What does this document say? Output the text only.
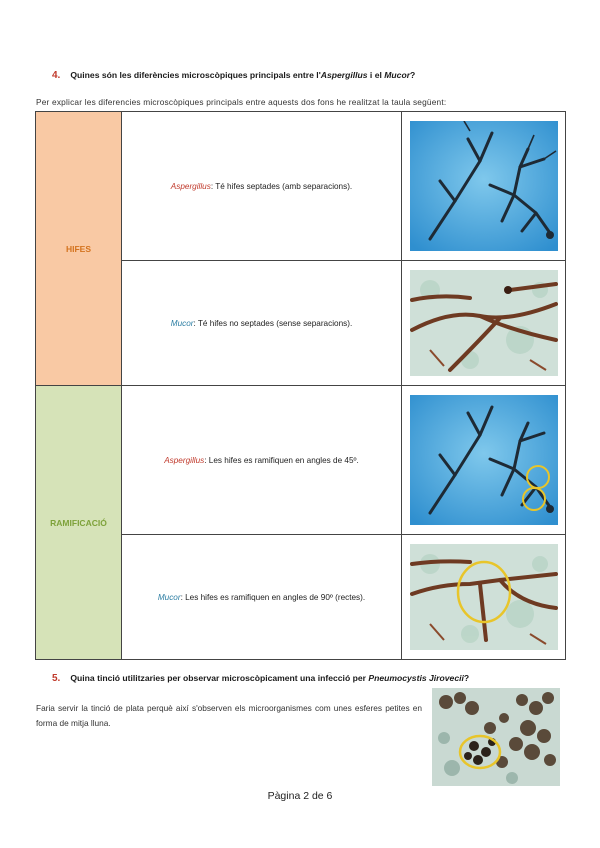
4. Quines són les diferències microscòpiques principals entre l'Aspergillus i el Mucor?
Per explicar les diferencies microscòpiques principals entre aquests dos fons he realitzat la taula següent:
HIFES	Aspergillus: Té hifes septades (amb separacions).	

	Mucor: Té hifes no septades (sense separacions).	

RAMIFICACIÓ	Aspergillus: Les hifes es ramifiquen en angles de 45º.	

	Mucor: Les hifes es ramifiquen en angles de 90º (rectes).	
5. Quina tinció utilitzaries per observar microscòpicament una infecció per Pneumocystis Jirovecii?
Faria servir la tinció de plata perquè així s'observen els microorganismes com unes esferes petites en forma de mitja lluna.
Pàgina 2 de 6
